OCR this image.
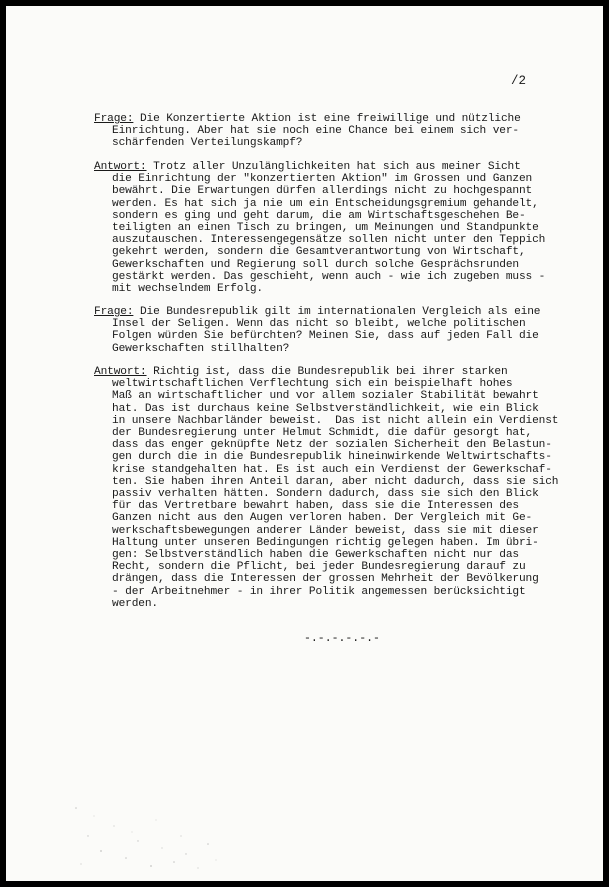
/2
Frage: Die Konzertierte Aktion ist eine freiwillige und nützliche
Einrichtung. Aber hat sie noch eine Chance bei einem sich ver-
schärfenden Verteilungskampf?
Antwort: Trotz aller Unzulänglichkeiten hat sich aus meiner Sicht
die Einrichtung der "konzertierten Aktion" im Grossen und Ganzen
bewährt. Die Erwartungen dürfen allerdings nicht zu hochgespannt
werden. Es hat sich ja nie um ein Entscheidungsgremium gehandelt,
sondern es ging und geht darum, die am Wirtschaftsgeschehen Be-
teiligten an einen Tisch zu bringen, um Meinungen und Standpunkte
auszutauschen. Interessengegensätze sollen nicht unter den Teppich
gekehrt werden, sondern die Gesamtverantwortung von Wirtschaft,
Gewerkschaften und Regierung soll durch solche Gesprächsrunden
gestärkt werden. Das geschieht, wenn auch - wie ich zugeben muss -
mit wechselndem Erfolg.
Frage: Die Bundesrepublik gilt im internationalen Vergleich als eine
Insel der Seligen. Wenn das nicht so bleibt, welche politischen
Folgen würden Sie befürchten? Meinen Sie, dass auf jeden Fall die
Gewerkschaften stillhalten?
Antwort: Richtig ist, dass die Bundesrepublik bei ihrer starken
weltwirtschaftlichen Verflechtung sich ein beispielhaft hohes
Maß an wirtschaftlicher und vor allem sozialer Stabilität bewahrt
hat. Das ist durchaus keine Selbstverständlichkeit, wie ein Blick
in unsere Nachbarländer beweist.  Das ist nicht allein ein Verdienst
der Bundesregierung unter Helmut Schmidt, die dafür gesorgt hat,
dass das enger geknüpfte Netz der sozialen Sicherheit den Belastun-
gen durch die in die Bundesrepublik hineinwirkende Weltwirtschafts-
krise standgehalten hat. Es ist auch ein Verdienst der Gewerkschaf-
ten. Sie haben ihren Anteil daran, aber nicht dadurch, dass sie sich
passiv verhalten hätten. Sondern dadurch, dass sie sich den Blick
für das Vertretbare bewahrt haben, dass sie die Interessen des
Ganzen nicht aus den Augen verloren haben. Der Vergleich mit Ge-
werkschaftsbewegungen anderer Länder beweist, dass sie mit dieser
Haltung unter unseren Bedingungen richtig gelegen haben. Im übri-
gen: Selbstverständlich haben die Gewerkschaften nicht nur das
Recht, sondern die Pflicht, bei jeder Bundesregierung darauf zu
drängen, dass die Interessen der grossen Mehrheit der Bevölkerung
- der Arbeitnehmer - in ihrer Politik angemessen berücksichtigt
werden.
-.-.-.-.-.-
